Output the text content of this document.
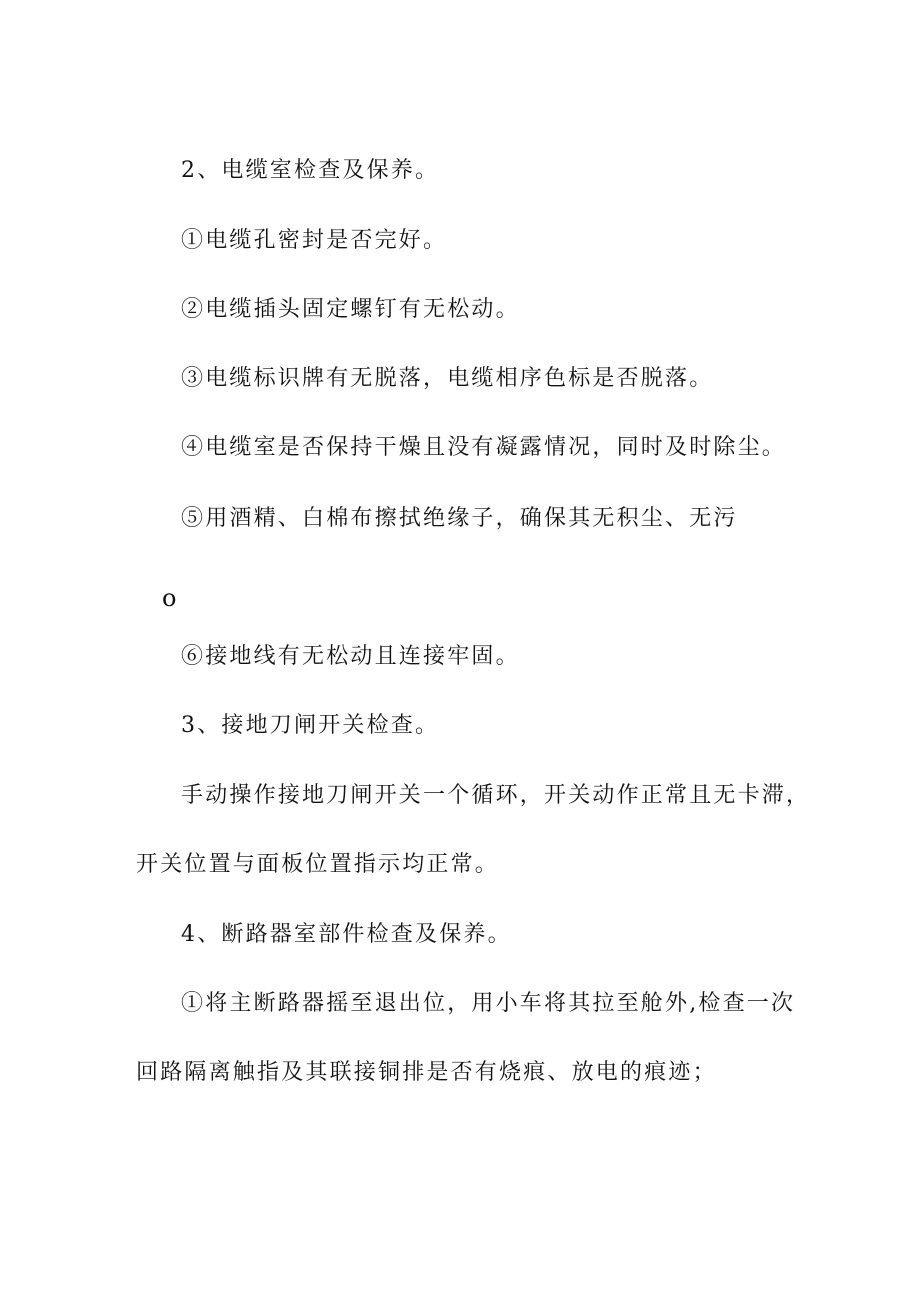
2、电缆室检查及保养。
①电缆孔密封是否完好。
②电缆插头固定螺钉有无松动。
③电缆标识牌有无脱落，电缆相序色标是否脱落。
④电缆室是否保持干燥且没有凝露情况，同时及时除尘。
⑤用酒精、白棉布擦拭绝缘子，确保其无积尘、无污
o
⑥接地线有无松动且连接牢固。
3、接地刀闸开关检查。
手动操作接地刀闸开关一个循环，开关动作正常且无卡滞，
开关位置与面板位置指示均正常。
4、断路器室部件检查及保养。
①将主断路器摇至退出位，用小车将其拉至舱外,检查一次
回路隔离触指及其联接铜排是否有烧痕、放电的痕迹；
